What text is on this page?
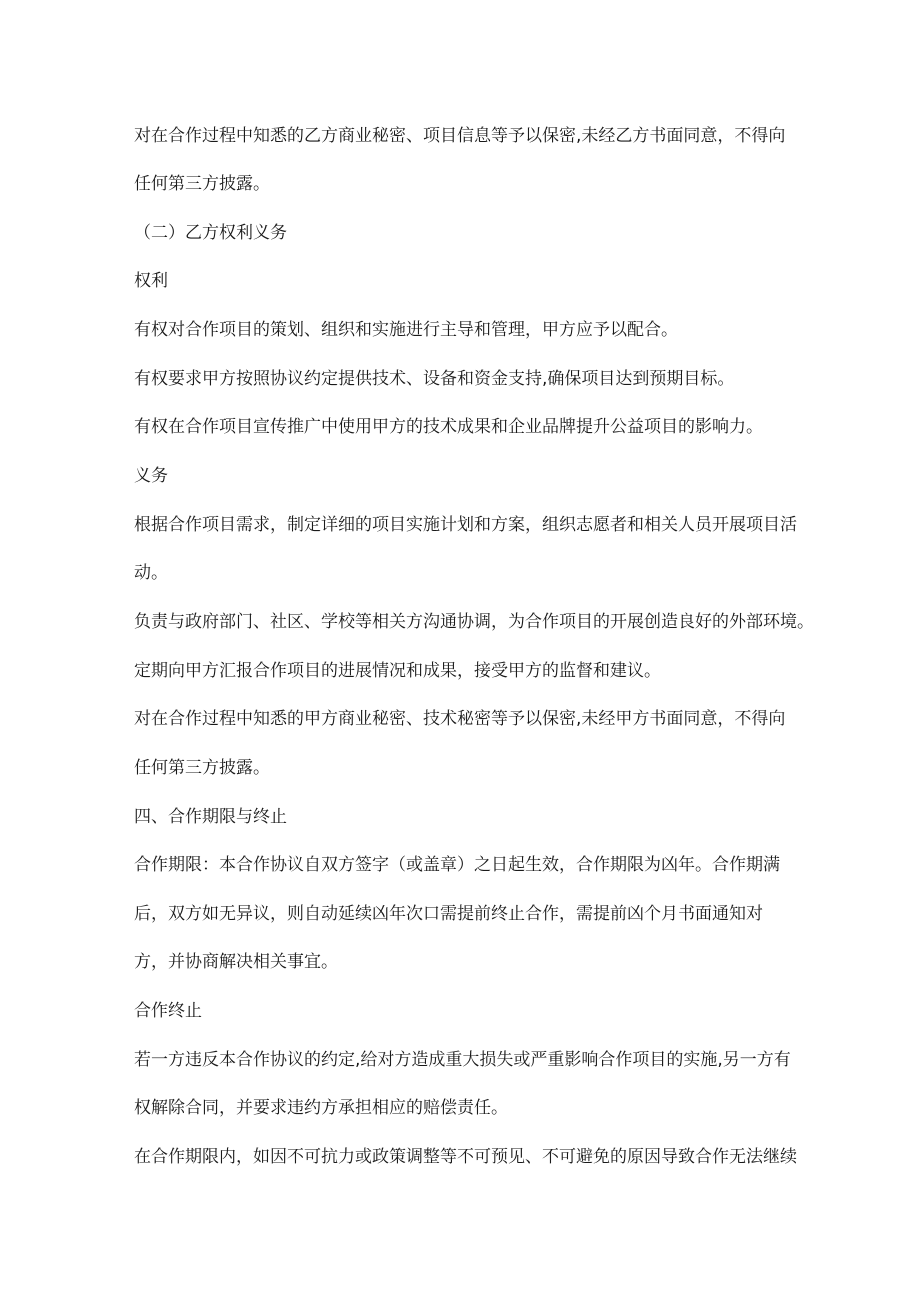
对在合作过程中知悉的乙方商业秘密、项目信息等予以保密,未经乙方书面同意，不得向
任何第三方披露。
（二）乙方权利义务
权利
有权对合作项目的策划、组织和实施进行主导和管理，甲方应予以配合。
有权要求甲方按照协议约定提供技术、设备和资金支持,确保项目达到预期目标。
有权在合作项目宣传推广中使用甲方的技术成果和企业品牌提升公益项目的影响力。
义务
根据合作项目需求，制定详细的项目实施计划和方案，组织志愿者和相关人员开展项目活
动。
负责与政府部门、社区、学校等相关方沟通协调，为合作项目的开展创造良好的外部环境。
定期向甲方汇报合作项目的进展情况和成果，接受甲方的监督和建议。
对在合作过程中知悉的甲方商业秘密、技术秘密等予以保密,未经甲方书面同意，不得向
任何第三方披露。
四、合作期限与终止
合作期限：本合作协议自双方签字（或盖章）之日起生效，合作期限为凶年。合作期满
后，双方如无异议，则自动延续凶年次口需提前终止合作，需提前凶个月书面通知对
方，并协商解决相关事宜。
合作终止
若一方违反本合作协议的约定,给对方造成重大损失或严重影响合作项目的实施,另一方有
权解除合同，并要求违约方承担相应的赔偿责任。
在合作期限内，如因不可抗力或政策调整等不可预见、不可避免的原因导致合作无法继续
